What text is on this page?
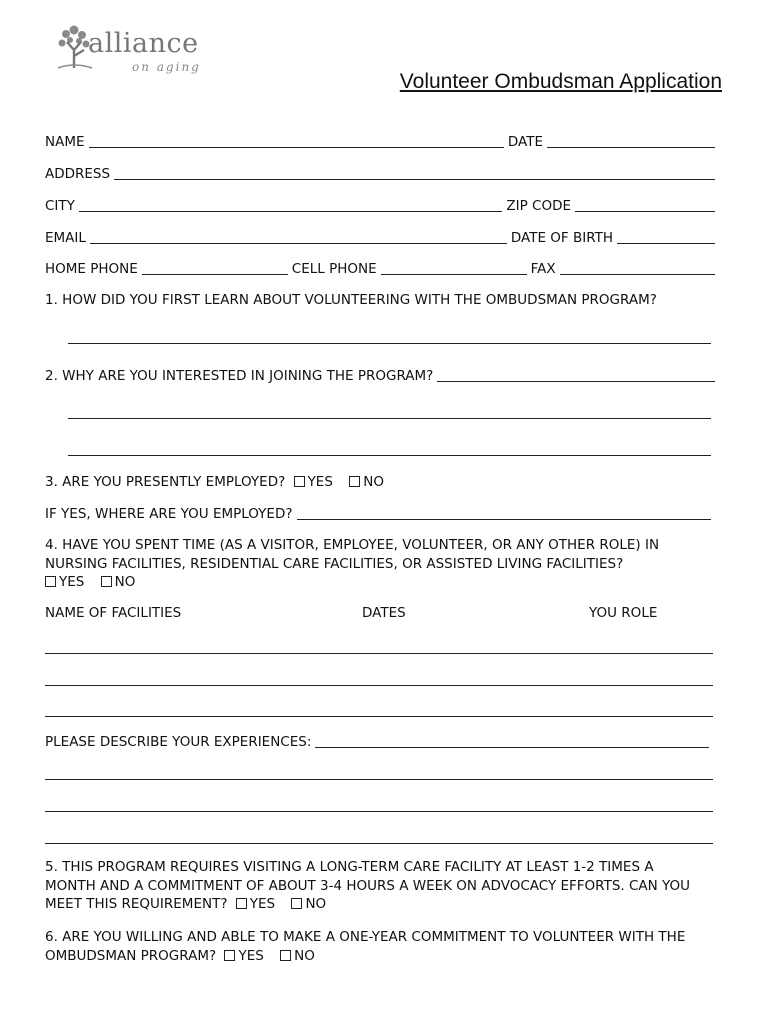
alliance
on aging
Volunteer Ombudsman Application
NAME	DATE
ADDRESS
CITY	ZIP CODE
EMAIL	DATE OF BIRTH
HOME PHONE	CELL PHONE	FAX
1. HOW DID YOU FIRST LEARN ABOUT VOLUNTEERING WITH THE OMBUDSMAN PROGRAM?
2. WHY ARE YOU INTERESTED IN JOINING THE PROGRAM?
3. ARE YOU PRESENTLY EMPLOYED? YES NO
IF YES, WHERE ARE YOU EMPLOYED?
4. HAVE YOU SPENT TIME (AS A VISITOR, EMPLOYEE, VOLUNTEER, OR ANY OTHER ROLE) IN
NURSING FACILITIES, RESIDENTIAL CARE FACILITIES, OR ASSISTED LIVING FACILITIES?
YES NO
NAME OF FACILITIES	DATES	YOU ROLE
PLEASE DESCRIBE YOUR EXPERIENCES:
5. THIS PROGRAM REQUIRES VISITING A LONG-TERM CARE FACILITY AT LEAST 1-2 TIMES A
MONTH AND A COMMITMENT OF ABOUT 3-4 HOURS A WEEK ON ADVOCACY EFFORTS. CAN YOU
MEET THIS REQUIREMENT? YES NO
6. ARE YOU WILLING AND ABLE TO MAKE A ONE-YEAR COMMITMENT TO VOLUNTEER WITH THE
OMBUDSMAN PROGRAM? YES NO
